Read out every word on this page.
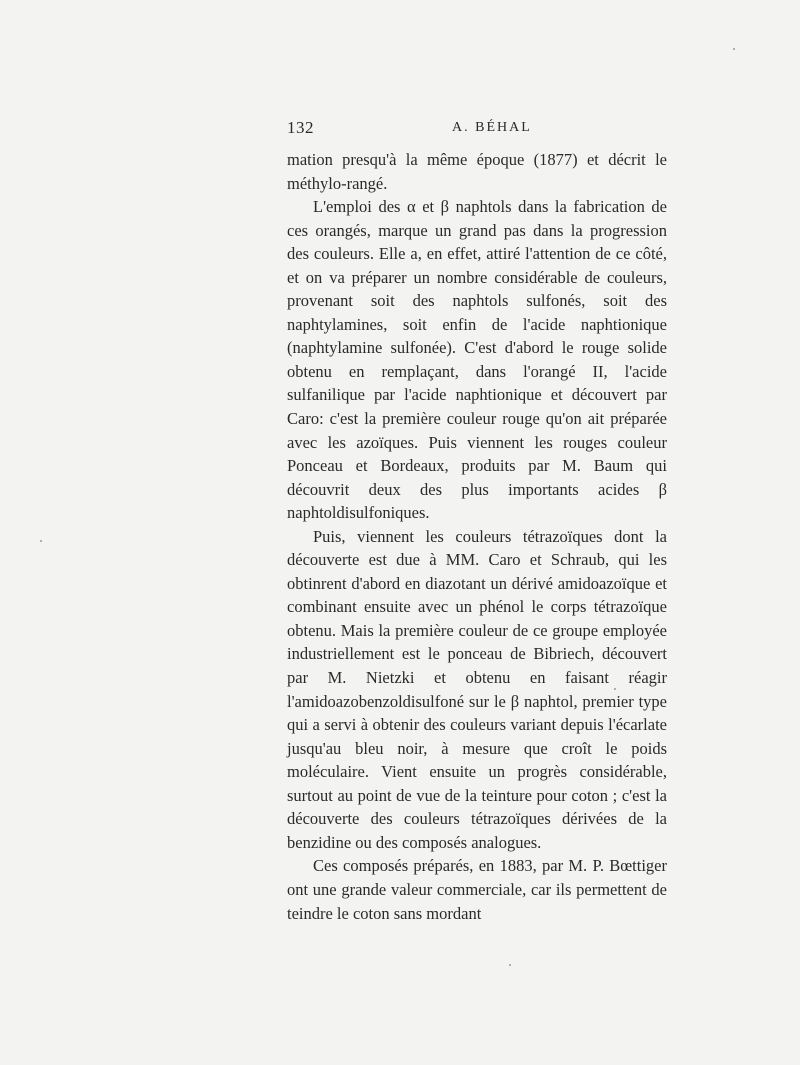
132	A. BÉHAL

mation presqu'à la même époque (1877) et décrit le méthylo-rangé.

L'emploi des α et β naphtols dans la fabrication de ces orangés, marque un grand pas dans la progression des couleurs. Elle a, en effet, attiré l'attention de ce côté, et on va préparer un nombre considérable de couleurs, provenant soit des naphtols sulfonés, soit des naphtylamines, soit enfin de l'acide naphtionique (naphtylamine sulfonée). C'est d'abord le rouge solide obtenu en remplaçant, dans l'orangé II, l'acide sulfanilique par l'acide naphtionique et découvert par Caro: c'est la première couleur rouge qu'on ait préparée avec les azoïques. Puis viennent les rouges couleur Ponceau et Bordeaux, produits par M. Baum qui découvrit deux des plus importants acides β naphtoldisulfoniques.

Puis, viennent les couleurs tétrazoïques dont la découverte est due à MM. Caro et Schraub, qui les obtinrent d'abord en diazotant un dérivé amidoazoïque et combinant ensuite avec un phénol le corps tétrazoïque obtenu. Mais la première couleur de ce groupe employée industriellement est le ponceau de Bibriech, découvert par M. Nietzki et obtenu en faisant réagir l'amidoazobenzoldisulfoné sur le β naphtol, premier type qui a servi à obtenir des couleurs variant depuis l'écarlate jusqu'au bleu noir, à mesure que croît le poids moléculaire. Vient ensuite un progrès considérable, surtout au point de vue de la teinture pour coton ; c'est la découverte des couleurs tétrazoïques dérivées de la benzidine ou des composés analogues.

Ces composés préparés, en 1883, par M. P. Bœttiger ont une grande valeur commerciale, car ils permettent de teindre le coton sans mordant
